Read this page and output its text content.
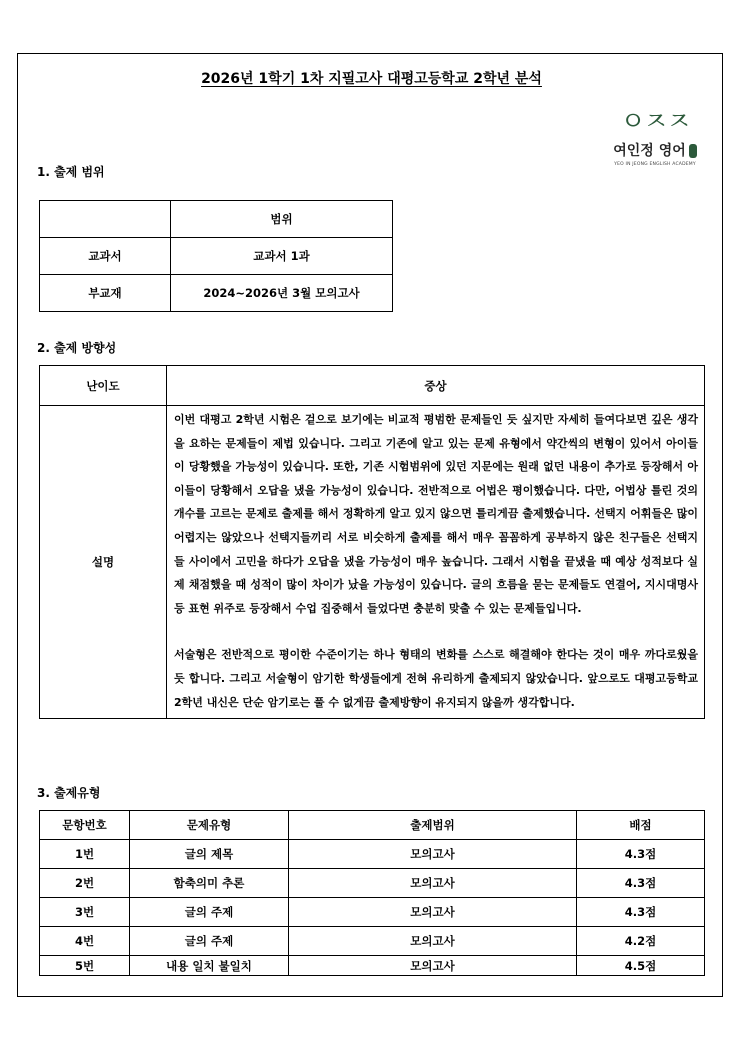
2026년 1학기 1차 지필고사 대평고등학교 2학년 분석
ㅇㅈㅈ
여인정 영어
YEO IN JEONG ENGLISH ACADEMY
1. 출제 범위
	범위
교과서	교과서 1과
부교재	2024~2026년 3월 모의고사
2. 출제 방향성
난이도	중상
설명	이번 대평고 2학년 시험은 겉으로 보기에는 비교적 평범한 문제들인 듯 싶지만 자세히 들여다보면 깊은 생각을 요하는 문제들이 제법 있습니다. 그리고 기존에 알고 있는 문제 유형에서 약간씩의 변형이 있어서 아이들이 당황했을 가능성이 있습니다. 또한, 기존 시험범위에 있던 지문에는 원래 없던 내용이 추가로 등장해서 아이들이 당황해서 오답을 냈을 가능성이 있습니다. 전반적으로 어법은 평이했습니다. 다만, 어법상 틀린 것의 개수를 고르는 문제로 출제를 해서 정확하게 알고 있지 않으면 틀리게끔 출제했습니다. 선택지 어휘들은 많이 어렵지는 않았으나 선택지들끼리 서로 비슷하게 출제를 해서 매우 꼼꼼하게 공부하지 않은 친구들은 선택지들 사이에서 고민을 하다가 오답을 냈을 가능성이 매우 높습니다. 그래서 시험을 끝냈을 때 예상 성적보다 실제 채점했을 때 성적이 많이 차이가 났을 가능성이 있습니다. 글의 흐름을 묻는 문제들도 연결어, 지시대명사등 표현 위주로 등장해서 수업 집중해서 들었다면 충분히 맞출 수 있는 문제들입니다.

서술형은 전반적으로 평이한 수준이기는 하나 형태의 변화를 스스로 해결해야 한다는 것이 매우 까다로웠을 듯 합니다. 그리고 서술형이 암기한 학생들에게 전혀 유리하게 출제되지 않았습니다. 앞으로도 대평고등학교 2학년 내신은 단순 암기로는 풀 수 없게끔 출제방향이 유지되지 않을까 생각합니다.

3. 출제유형
문항번호	문제유형	출제범위	배점
1번	글의 제목	모의고사	4.3점
2번	함축의미 추론	모의고사	4.3점
3번	글의 주제	모의고사	4.3점
4번	글의 주제	모의고사	4.2점
5번	내용 일치 불일치	모의고사	4.5점
